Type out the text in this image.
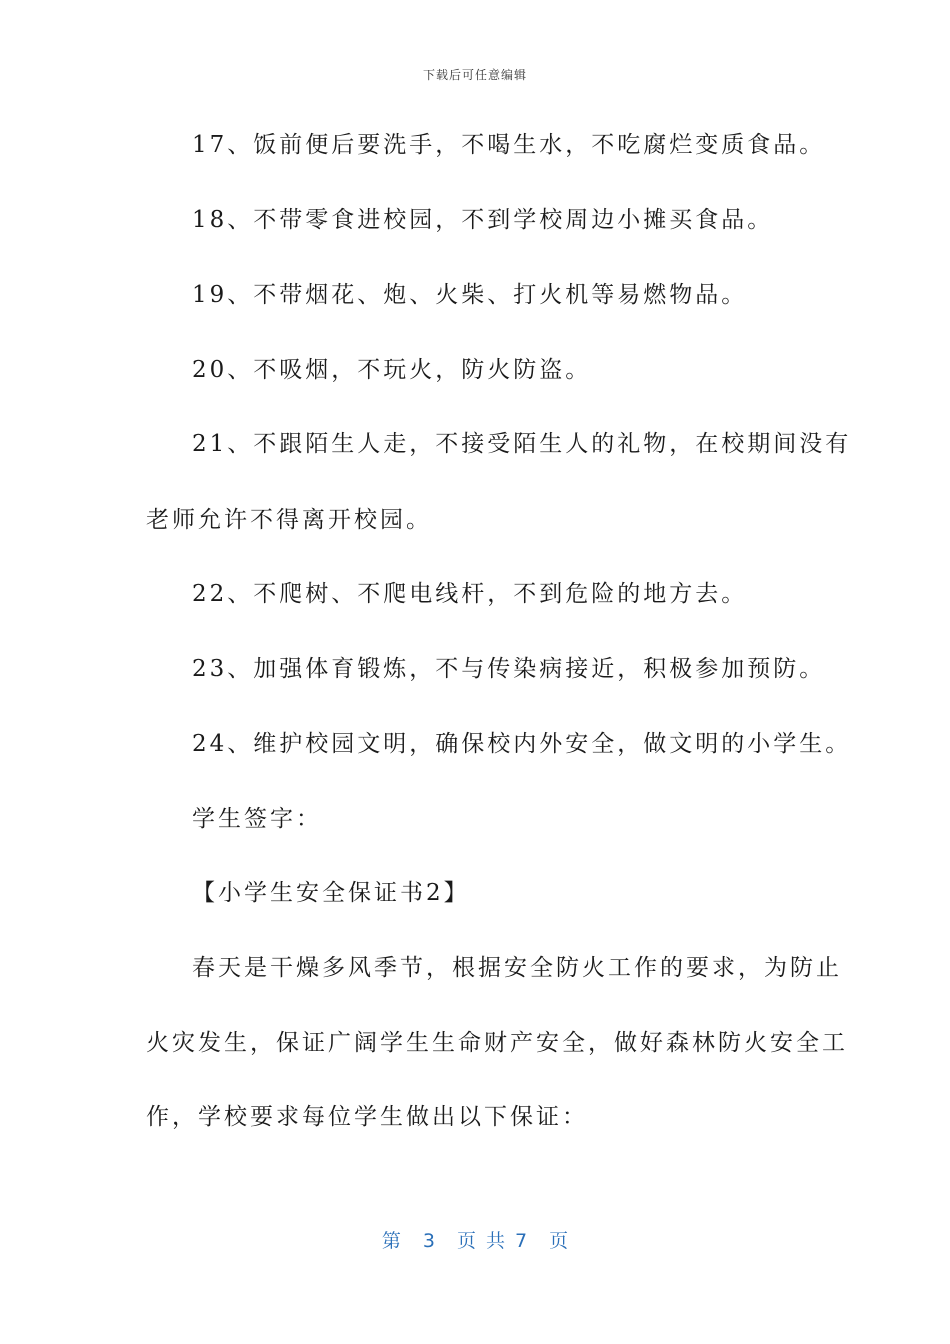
下载后可任意编辑
17、饭前便后要洗手，不喝生水，不吃腐烂变质食品。
18、不带零食进校园，不到学校周边小摊买食品。
19、不带烟花、炮、火柴、打火机等易燃物品。
20、不吸烟，不玩火，防火防盗。
21、不跟陌生人走，不接受陌生人的礼物，在校期间没有
老师允许不得离开校园。
22、不爬树、不爬电线杆，不到危险的地方去。
23、加强体育锻炼，不与传染病接近，积极参加预防。
24、维护校园文明，确保校内外安全，做文明的小学生。
学生签字：
【小学生安全保证书2】
春天是干燥多风季节，根据安全防火工作的要求，为防止
火灾发生，保证广阔学生生命财产安全，做好森林防火安全工
作，学校要求每位学生做出以下保证：
第 3 页 共 7 页
